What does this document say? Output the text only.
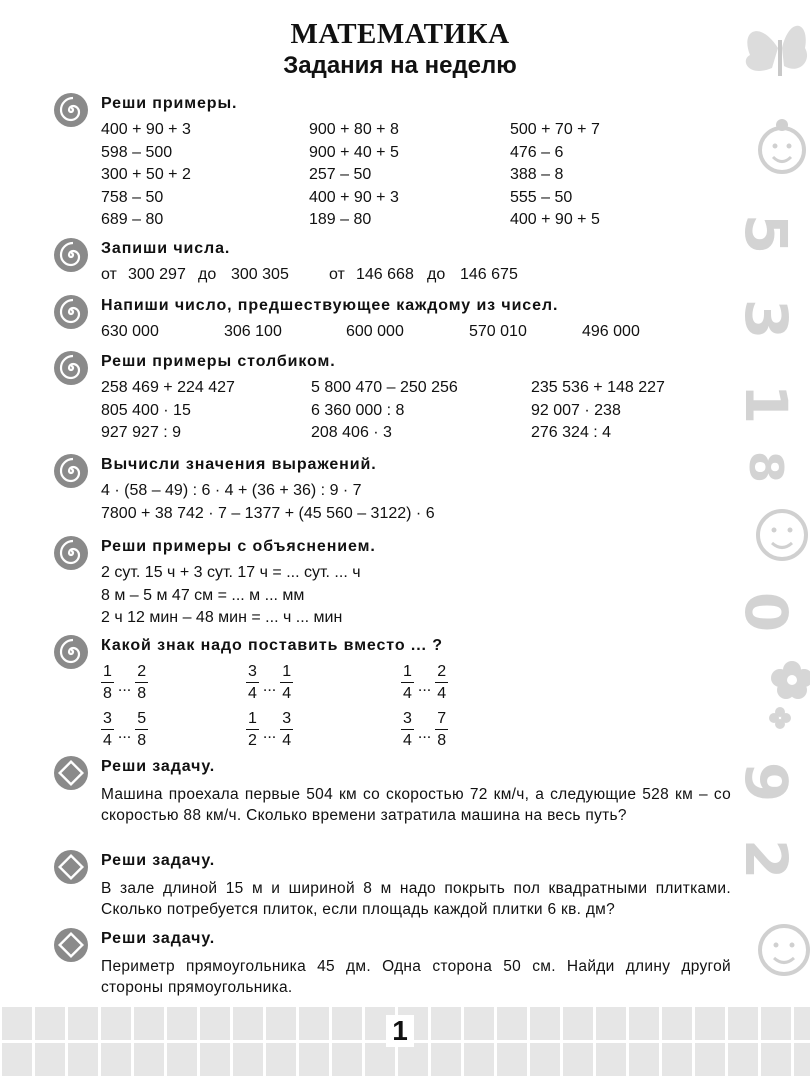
МАТЕМАТИКА
Задания на неделю
Реши примеры.
400 + 90 + 3	900 + 80 + 8	500 + 70 + 7
598 – 500	900 + 40 + 5	476 – 6
300 + 50 + 2	257 – 50	388 – 8
758 – 50	400 + 90 + 3	555 – 50
689 – 80	189 – 80	400 + 90 + 5
Запиши числа.
от 300 297 до 300 305	от 146 668 до 146 675
Напиши число, предшествующее каждому из чисел.
630 000	306 100	600 000	570 010	496 000
Реши примеры столбиком.
258 469 + 224 427	5 800 470 – 250 256	235 536 + 148 227
805 400 · 15	6 360 000 : 8	92 007 · 238
927 927 : 9	208 406 · 3	276 324 : 4
Вычисли значения выражений.
4 · (58 – 49) : 6 · 4 + (36 + 36) : 9 · 7
7800 + 38 742 · 7 – 1377 + (45 560 – 3122) · 6
Реши примеры с объяснением.
2 сут. 15 ч + 3 сут. 17 ч = ... сут. ... ч
8 м – 5 м 47 см = ... м ... мм
2 ч 12 мин – 48 мин = ... ч ... мин
Какой знак надо поставить вместо ... ?
$\frac{1}{8}$ ... $\frac{2}{8}$	$\frac{3}{4}$ ... $\frac{1}{4}$	$\frac{1}{4}$ ... $\frac{2}{4}$
$\frac{3}{4}$ ... $\frac{5}{8}$	$\frac{1}{2}$ ... $\frac{3}{4}$	$\frac{3}{4}$ ... $\frac{7}{8}$
Реши задачу.
Машина проехала первые 504 км со скоростью 72 км/ч, а следующие 528 км – со скоростью 88 км/ч. Сколько времени затратила машина на весь путь?
Реши задачу.
В зале длиной 15 м и шириной 8 м надо покрыть пол квадратными плитками. Сколько потребуется плиток, если площадь каждой плитки 6 кв. дм?
Реши задачу.
Периметр прямоугольника 45 дм. Одна сторона 50 см. Найди длину другой стороны прямоугольника.
5
3
1
8
0
9
2
1
